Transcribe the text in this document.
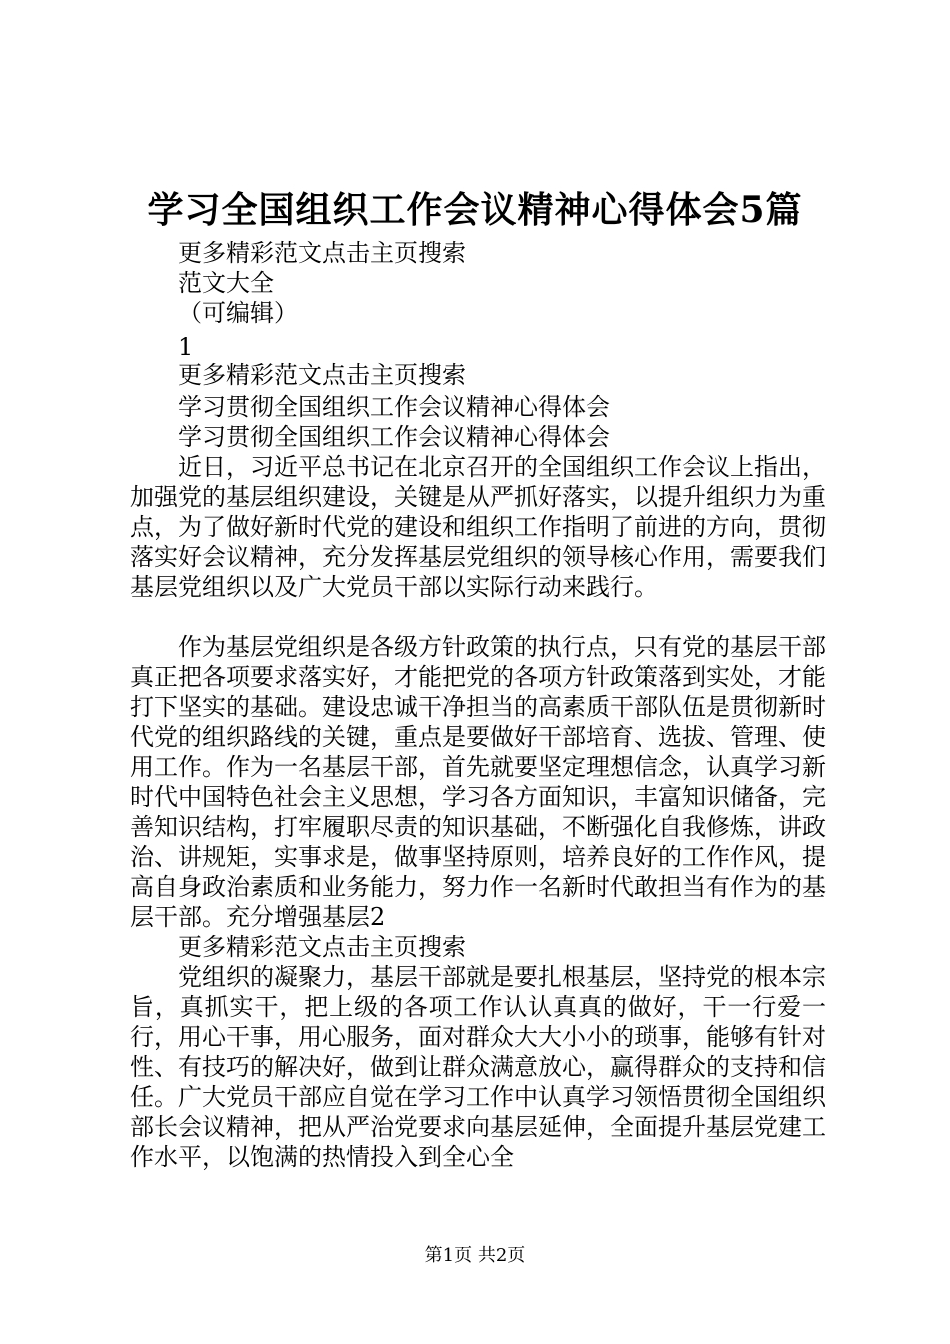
学习全国组织工作会议精神心得体会5篇
更多精彩范文点击主页搜索
范文大全
（可编辑）
1
更多精彩范文点击主页搜索
学习贯彻全国组织工作会议精神心得体会
学习贯彻全国组织工作会议精神心得体会
近日，习近平总书记在北京召开的全国组织工作会议上指出，加强党的基层组织建设，关键是从严抓好落实，以提升组织力为重点，为了做好新时代党的建设和组织工作指明了前进的方向，贯彻落实好会议精神，充分发挥基层党组织的领导核心作用，需要我们基层党组织以及广大党员干部以实际行动来践行。
作为基层党组织是各级方针政策的执行点，只有党的基层干部真正把各项要求落实好，才能把党的各项方针政策落到实处，才能打下坚实的基础。建设忠诚干净担当的高素质干部队伍是贯彻新时代党的组织路线的关键，重点是要做好干部培育、选拔、管理、使用工作。作为一名基层干部，首先就要坚定理想信念，认真学习新时代中国特色社会主义思想，学习各方面知识，丰富知识储备，完善知识结构，打牢履职尽责的知识基础，不断强化自我修炼，讲政治、讲规矩，实事求是，做事坚持原则，培养良好的工作作风，提高自身政治素质和业务能力，努力作一名新时代敢担当有作为的基层干部。充分增强基层2
更多精彩范文点击主页搜索
党组织的凝聚力，基层干部就是要扎根基层，坚持党的根本宗旨，真抓实干，把上级的各项工作认认真真的做好，干一行爱一行，用心干事，用心服务，面对群众大大小小的琐事，能够有针对性、有技巧的解决好，做到让群众满意放心，赢得群众的支持和信任。广大党员干部应自觉在学习工作中认真学习领悟贯彻全国组织部长会议精神，把从严治党要求向基层延伸，全面提升基层党建工作水平，以饱满的热情投入到全心全
第1页 共2页
